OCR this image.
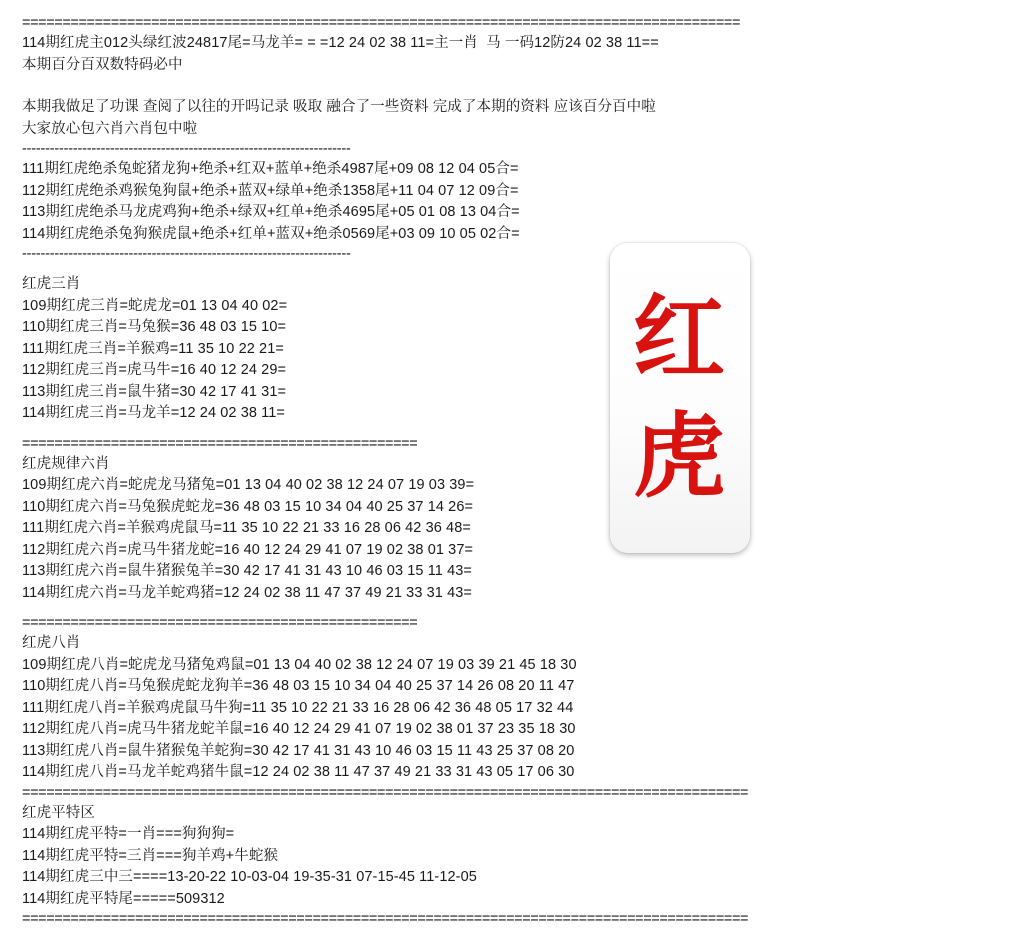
=========================================================================================
114期红虎主012头绿红波24817尾=马龙羊= = =12 24 02 38 11=主一肖  马 一码12防24 02 38 11==
本期百分百双数特码必中
本期我做足了功课 查阅了以往的开吗记录 吸取 融合了一些资料 完成了本期的资料 应该百分百中啦
大家放心包六肖六肖包中啦
-----------------------------------------------------------------------
111期红虎绝杀兔蛇猪龙狗+绝杀+红双+蓝单+绝杀4987尾+09 08 12 04 05合=
112期红虎绝杀鸡猴兔狗鼠+绝杀+蓝双+绿单+绝杀1358尾+11 04 07 12 09合=
113期红虎绝杀马龙虎鸡狗+绝杀+绿双+红单+绝杀4695尾+05 01 08 13 04合=
114期红虎绝杀兔狗猴虎鼠+绝杀+红单+蓝双+绝杀0569尾+03 09 10 05 02合=
-----------------------------------------------------------------------
红虎三肖
109期红虎三肖=蛇虎龙=01 13 04 40 02=
110期红虎三肖=马兔猴=36 48 03 15 10=
111期红虎三肖=羊猴鸡=11 35 10 22 21=
112期红虎三肖=虎马牛=16 40 12 24 29=
113期红虎三肖=鼠牛猪=30 42 17 41 31=
114期红虎三肖=马龙羊=12 24 02 38 11=
=================================================
红虎规律六肖
109期红虎六肖=蛇虎龙马猪兔=01 13 04 40 02 38 12 24 07 19 03 39=
110期红虎六肖=马兔猴虎蛇龙=36 48 03 15 10 34 04 40 25 37 14 26=
111期红虎六肖=羊猴鸡虎鼠马=11 35 10 22 21 33 16 28 06 42 36 48=
112期红虎六肖=虎马牛猪龙蛇=16 40 12 24 29 41 07 19 02 38 01 37=
113期红虎六肖=鼠牛猪猴兔羊=30 42 17 41 31 43 10 46 03 15 11 43=
114期红虎六肖=马龙羊蛇鸡猪=12 24 02 38 11 47 37 49 21 33 31 43=
=================================================
红虎八肖
109期红虎八肖=蛇虎龙马猪兔鸡鼠=01 13 04 40 02 38 12 24 07 19 03 39 21 45 18 30
110期红虎八肖=马兔猴虎蛇龙狗羊=36 48 03 15 10 34 04 40 25 37 14 26 08 20 11 47
111期红虎八肖=羊猴鸡虎鼠马牛狗=11 35 10 22 21 33 16 28 06 42 36 48 05 17 32 44
112期红虎八肖=虎马牛猪龙蛇羊鼠=16 40 12 24 29 41 07 19 02 38 01 37 23 35 18 30
113期红虎八肖=鼠牛猪猴兔羊蛇狗=30 42 17 41 31 43 10 46 03 15 11 43 25 37 08 20
114期红虎八肖=马龙羊蛇鸡猪牛鼠=12 24 02 38 11 47 37 49 21 33 31 43 05 17 06 30
==========================================================================================
红虎平特区
114期红虎平特=一肖===狗狗狗=
114期红虎平特=三肖===狗羊鸡+牛蛇猴
114期红虎三中三====13-20-22 10-03-04 19-35-31 07-15-45 11-12-05
114期红虎平特尾=====509312
==========================================================================================
红
虎
